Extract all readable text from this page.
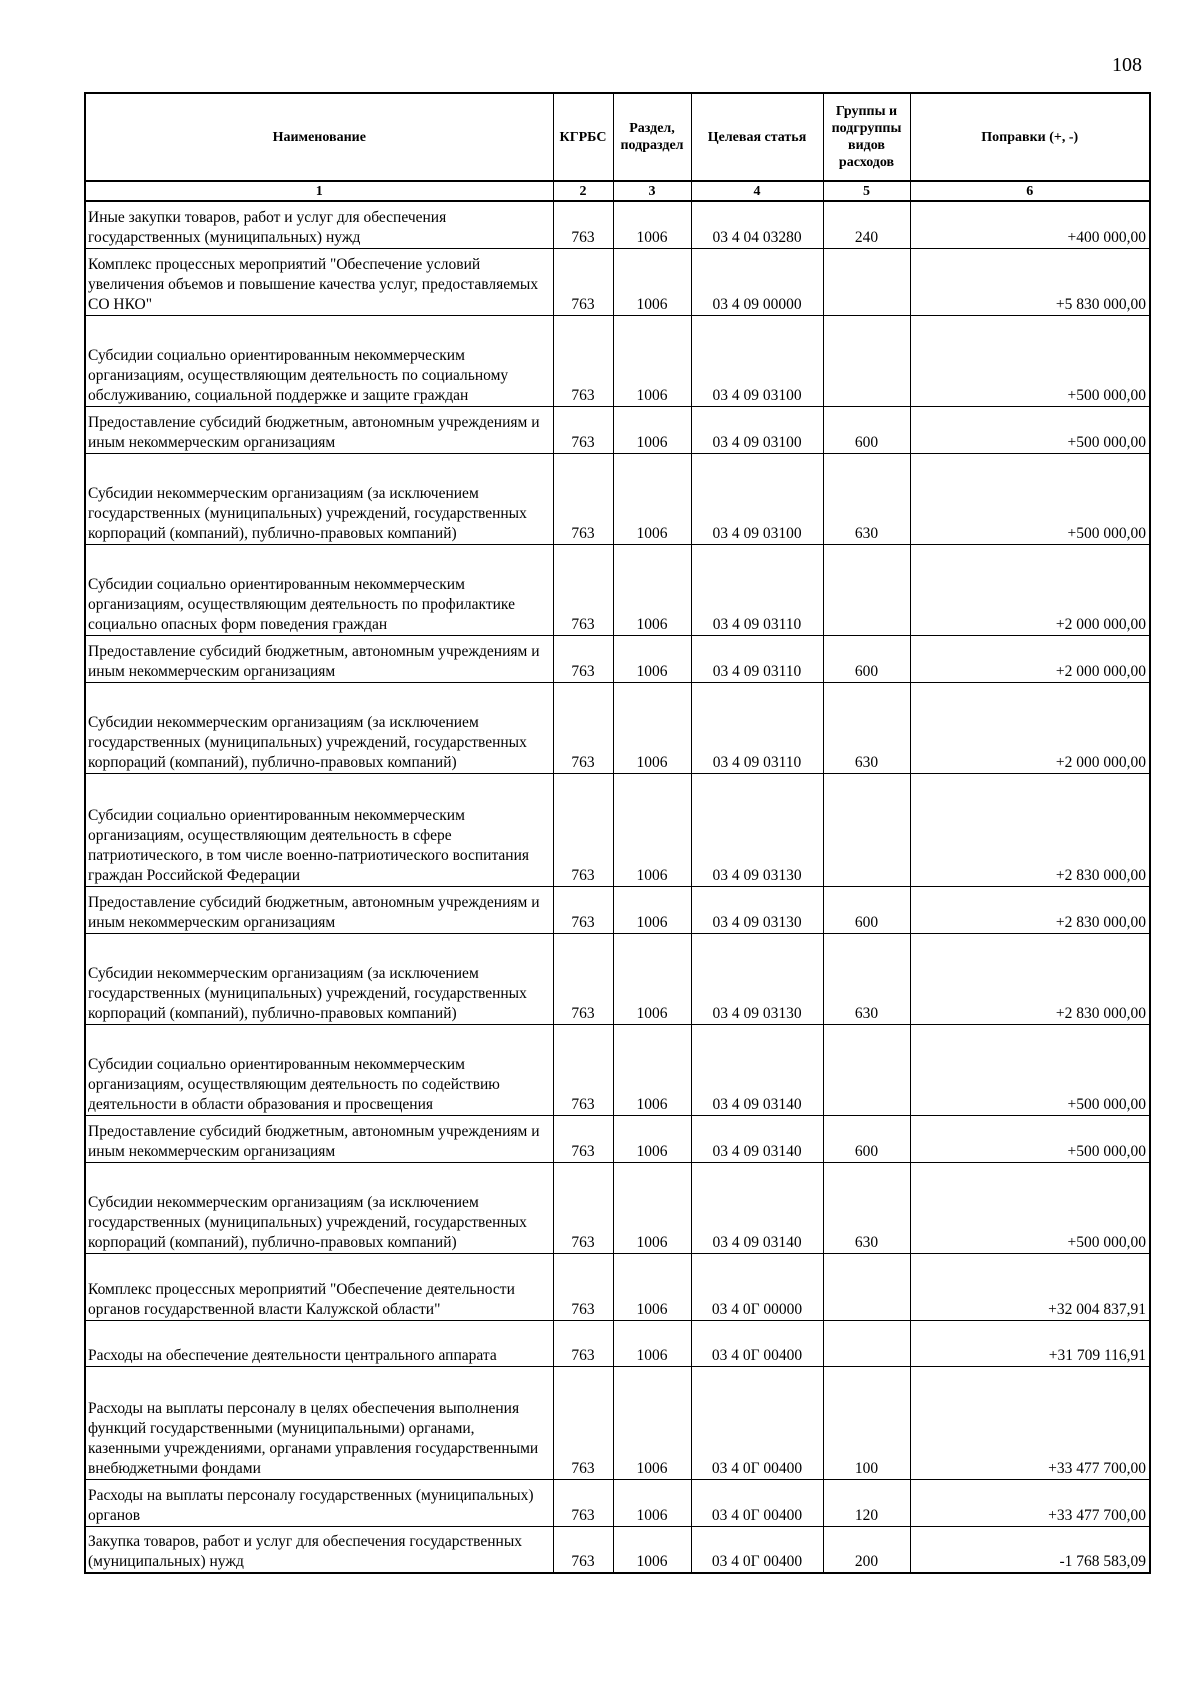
108
Наименование	КГРБС	Раздел, подраздел	Целевая статья	Группы и подгруппы видов расходов	Поправки (+, -)
1	2	3	4	5	6
Иные закупки товаров, работ и услуг для обеспечения государственных (муниципальных) нужд	763	1006	03 4 04 03280	240	+400 000,00
Комплекс процессных мероприятий "Обеспечение условий увеличения объемов и повышение качества услуг, предоставляемых СО НКО"	763	1006	03 4 09 00000		+5 830 000,00
Субсидии социально ориентированным некоммерческим организациям, осуществляющим деятельность по социальному обслуживанию, социальной поддержке и защите граждан	763	1006	03 4 09 03100		+500 000,00
Предоставление субсидий бюджетным, автономным учреждениям и иным некоммерческим организациям	763	1006	03 4 09 03100	600	+500 000,00
Субсидии некоммерческим организациям (за исключением государственных (муниципальных) учреждений, государственных корпораций (компаний), публично-правовых компаний)	763	1006	03 4 09 03100	630	+500 000,00
Субсидии социально ориентированным некоммерческим организациям, осуществляющим деятельность по профилактике социально опасных форм поведения граждан	763	1006	03 4 09 03110		+2 000 000,00
Предоставление субсидий бюджетным, автономным учреждениям и иным некоммерческим организациям	763	1006	03 4 09 03110	600	+2 000 000,00
Субсидии некоммерческим организациям (за исключением государственных (муниципальных) учреждений, государственных корпораций (компаний), публично-правовых компаний)	763	1006	03 4 09 03110	630	+2 000 000,00
Субсидии социально ориентированным некоммерческим организациям, осуществляющим деятельность в сфере патриотического, в том числе военно-патриотического воспитания граждан Российской Федерации	763	1006	03 4 09 03130		+2 830 000,00
Предоставление субсидий бюджетным, автономным учреждениям и иным некоммерческим организациям	763	1006	03 4 09 03130	600	+2 830 000,00
Субсидии некоммерческим организациям (за исключением государственных (муниципальных) учреждений, государственных корпораций (компаний), публично-правовых компаний)	763	1006	03 4 09 03130	630	+2 830 000,00
Субсидии социально ориентированным некоммерческим организациям, осуществляющим деятельность по содействию деятельности в области образования и просвещения	763	1006	03 4 09 03140		+500 000,00
Предоставление субсидий бюджетным, автономным учреждениям и иным некоммерческим организациям	763	1006	03 4 09 03140	600	+500 000,00
Субсидии некоммерческим организациям (за исключением государственных (муниципальных) учреждений, государственных корпораций (компаний), публично-правовых компаний)	763	1006	03 4 09 03140	630	+500 000,00
Комплекс процессных мероприятий "Обеспечение деятельности органов государственной власти Калужской области"	763	1006	03 4 0Г 00000		+32 004 837,91
Расходы на обеспечение деятельности центрального аппарата	763	1006	03 4 0Г 00400		+31 709 116,91
Расходы на выплаты персоналу в целях обеспечения выполнения функций государственными (муниципальными) органами, казенными учреждениями, органами управления государственными внебюджетными фондами	763	1006	03 4 0Г 00400	100	+33 477 700,00
Расходы на выплаты персоналу государственных (муниципальных) органов	763	1006	03 4 0Г 00400	120	+33 477 700,00
Закупка товаров, работ и услуг для обеспечения государственных (муниципальных) нужд	763	1006	03 4 0Г 00400	200	-1 768 583,09
